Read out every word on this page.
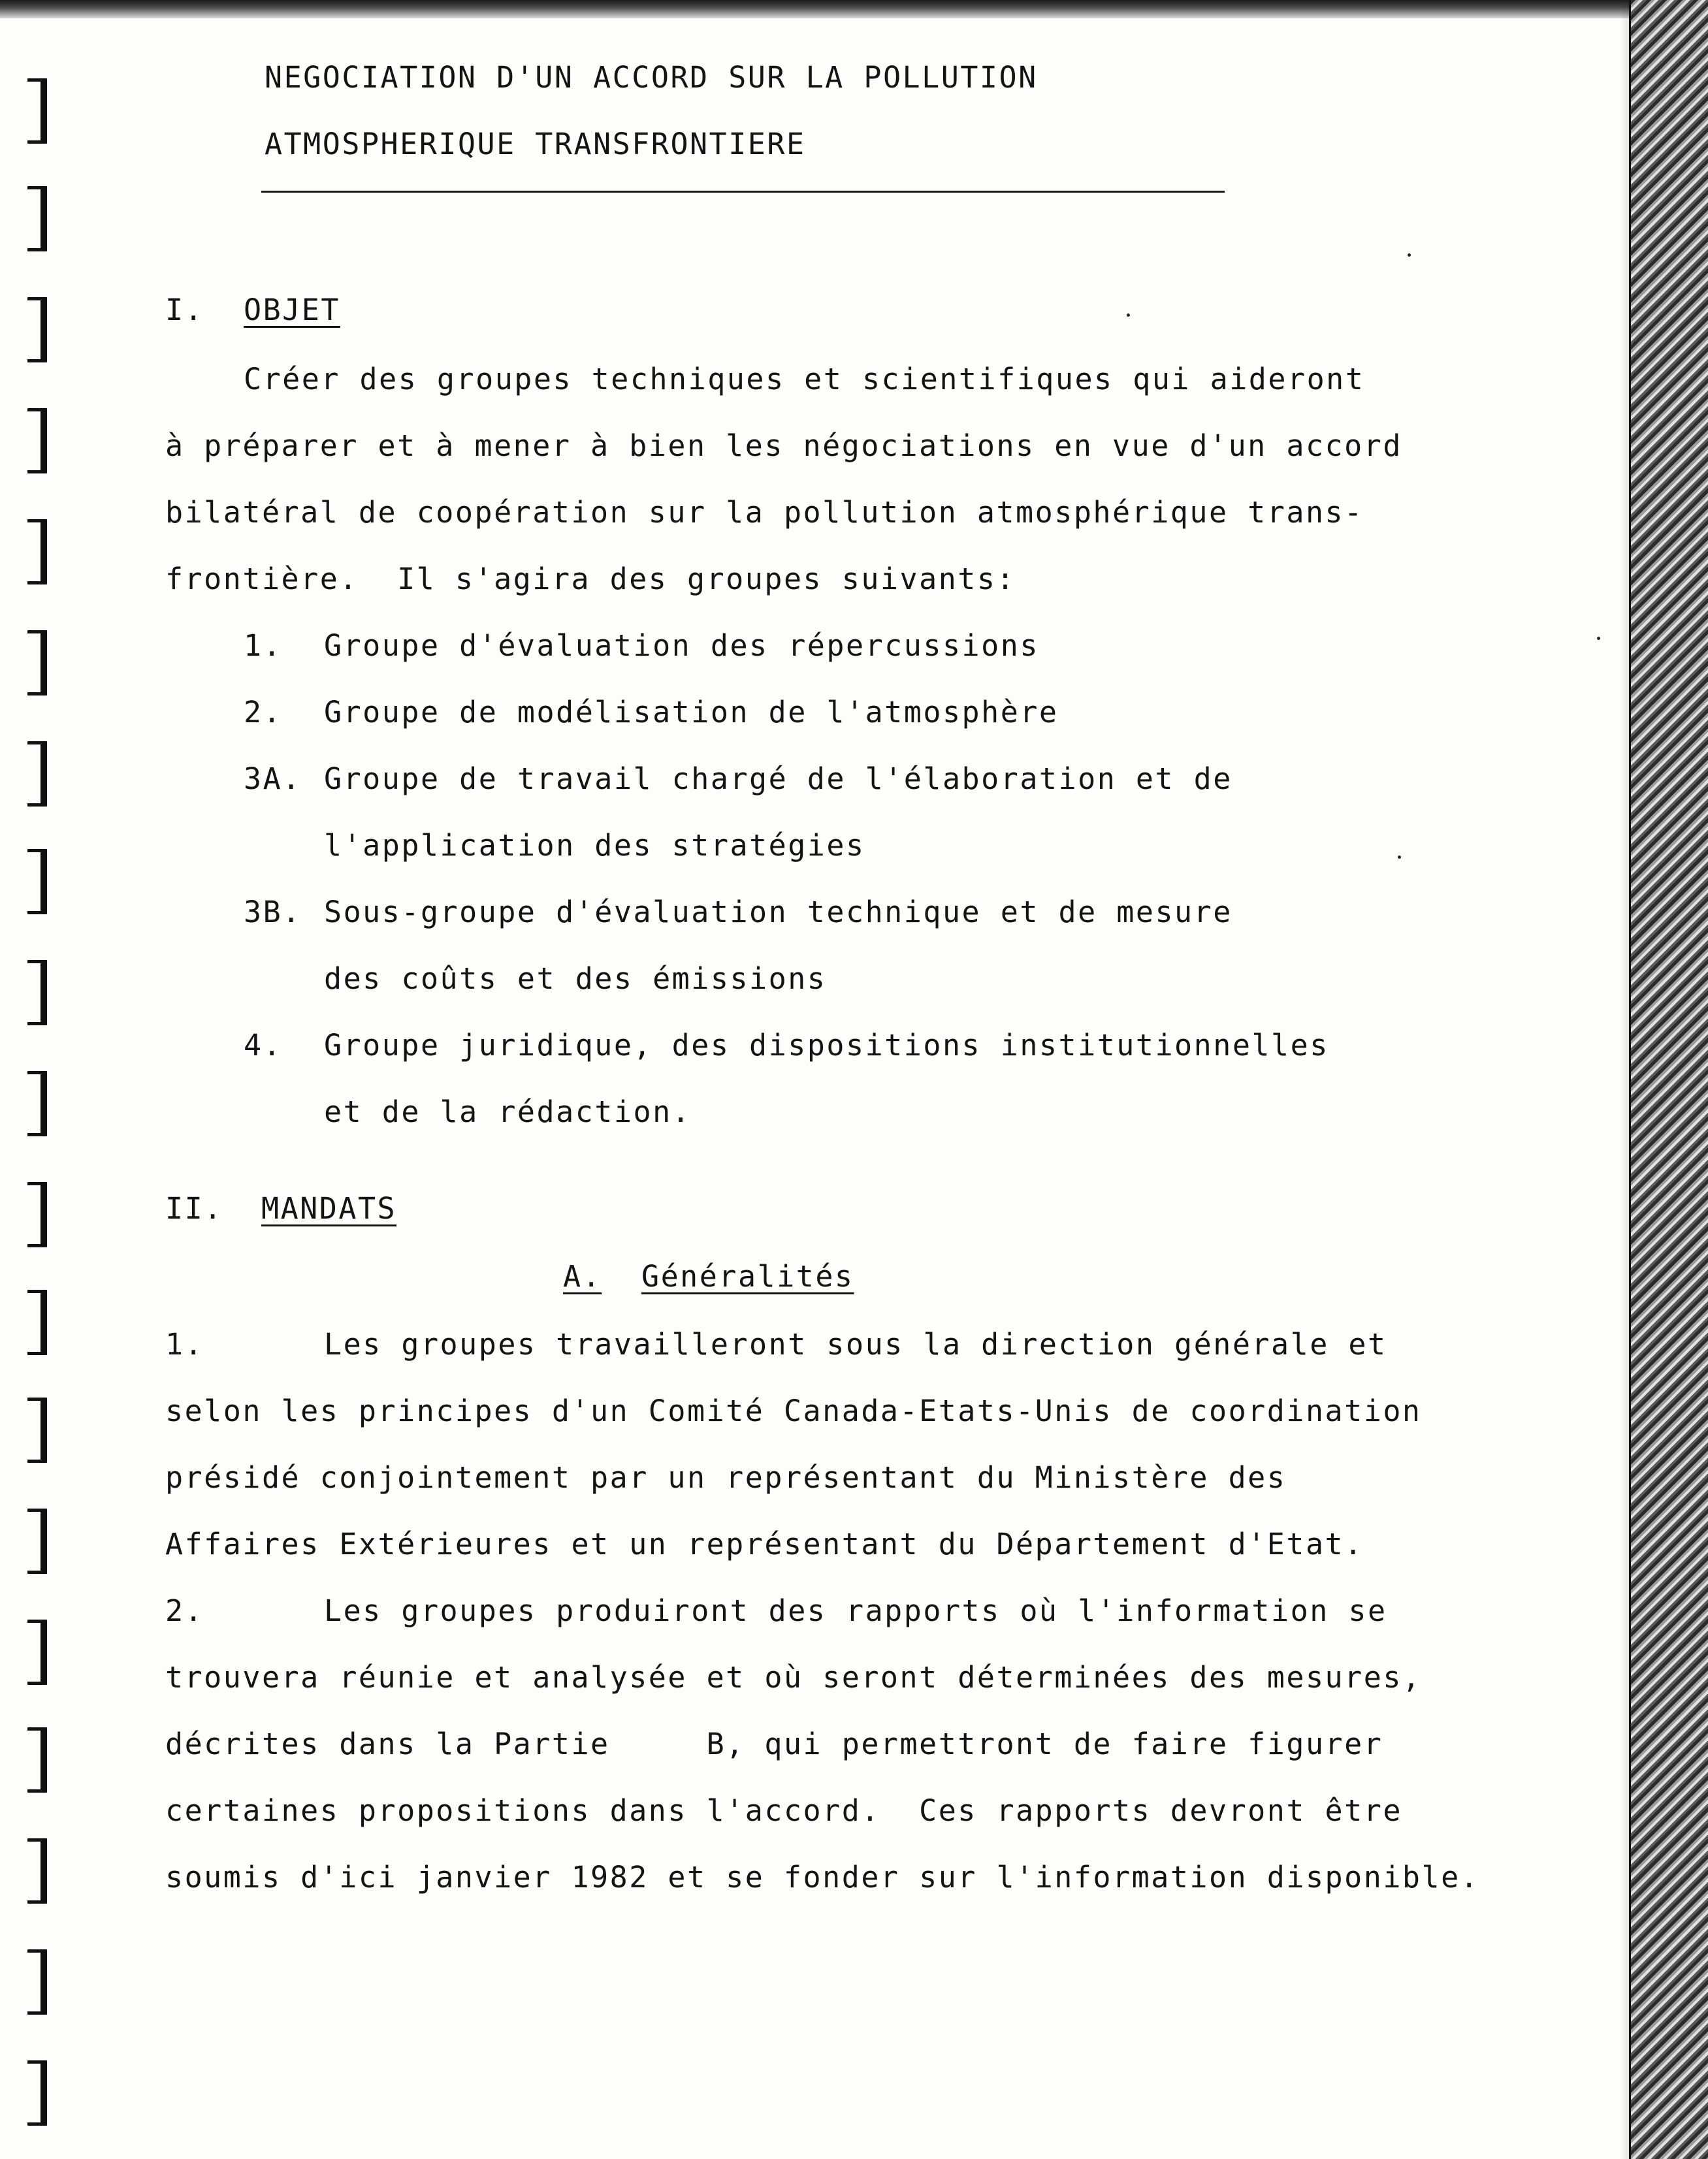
NEGOCIATION D'UN ACCORD SUR LA POLLUTION
ATMOSPHERIQUE TRANSFRONTIERE
I. OBJET
Créer des groupes techniques et scientifiques qui aideront
à préparer et à mener à bien les négociations en vue d'un accord
bilatéral de coopération sur la pollution atmosphérique trans-
frontière.  Il s'agira des groupes suivants:
1. Groupe d'évaluation des répercussions
2. Groupe de modélisation de l'atmosphère
3A. Groupe de travail chargé de l'élaboration et de
l'application des stratégies
3B. Sous-groupe d'évaluation technique et de mesure
des coûts et des émissions
4. Groupe juridique, des dispositions institutionnelles
et de la rédaction.
II. MANDATS
A. Généralités
1.	Les groupes travailleront sous la direction générale et
selon les principes d'un Comité Canada-Etats-Unis de coordination
présidé conjointement par un représentant du Ministère des
Affaires Extérieures et un représentant du Département d'Etat.
2.	Les groupes produiront des rapports où l'information se
trouvera réunie et analysée et où seront déterminées des mesures,
décrites dans la Partie     B, qui permettront de faire figurer
certaines propositions dans l'accord.  Ces rapports devront être
soumis d'ici janvier 1982 et se fonder sur l'information disponible.
